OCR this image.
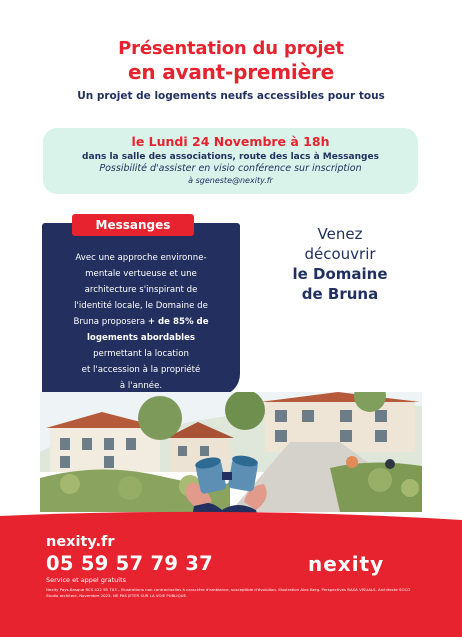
Présentation du projet
en avant-première
Un projet de logements neufs accessibles pour tous
le Lundi 24 Novembre à 18h
dans la salle des associations, route des lacs à Messanges
Possibilité d'assister en visio conférence sur inscription
à sgeneste@nexity.fr
Messanges
Avec une approche environne-
mentale vertueuse et une
architecture s'inspirant de
l'identité locale, le Domaine de
Bruna proposera + de 85% de
logements abordables
permettant la location
et l'accession à la propriété
à l'année.
Venez
découvrir
le Domaine
de Bruna
nexity.fr
05 59 57 79 37
Service et appel gratuits
Nexity Pays-Basque RCS 422 95 703 – Illustrations non contractuelles à caractère d'ambiance, susceptible d'évolution. Illustration Alex Berg. Perspectives BASA VISUALS. Architecte SOCO Studio architect. Novembre 2025. NE PAS JETER SUR LA VOIE PUBLIQUE.
nexity
